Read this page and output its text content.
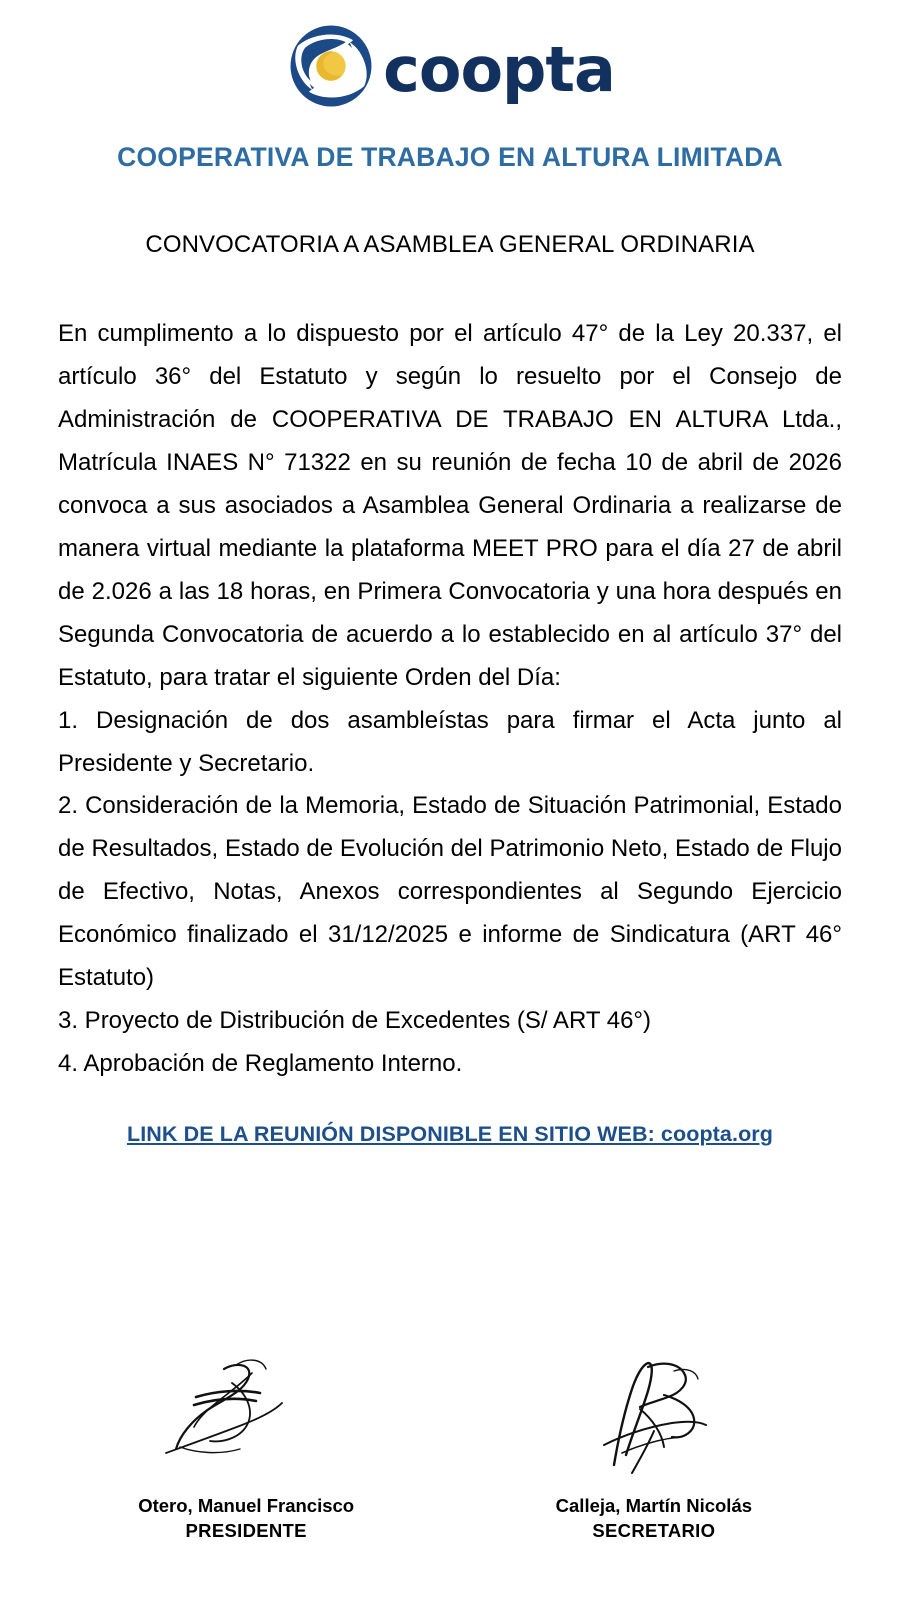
coopta
COOPERATIVA DE TRABAJO EN ALTURA LIMITADA
CONVOCATORIA A ASAMBLEA GENERAL ORDINARIA

En cumplimento a lo dispuesto por el artículo 47° de la Ley 20.337, el artículo 36° del Estatuto y según lo resuelto por el Consejo de Administración de COOPERATIVA DE TRABAJO EN ALTURA Ltda., Matrícula INAES N° 71322 en su reunión de fecha 10 de abril de 2026 convoca a sus asociados a Asamblea General Ordinaria a realizarse de manera virtual mediante la plataforma MEET PRO para el día 27 de abril de 2.026 a las 18 horas, en Primera Convocatoria y una hora después en Segunda Convocatoria de acuerdo a lo establecido en al artículo 37° del Estatuto, para tratar el siguiente Orden del Día:

1. Designación de dos asambleístas para firmar el Acta junto al Presidente y Secretario.

2. Consideración de la Memoria, Estado de Situación Patrimonial, Estado de Resultados, Estado de Evolución del Patrimonio Neto, Estado de Flujo de Efectivo, Notas, Anexos correspondientes al Segundo Ejercicio Económico finalizado el 31/12/2025 e informe de Sindicatura (ART 46° Estatuto)

3. Proyecto de Distribución de Excedentes (S/ ART 46°)

4. Aprobación de Reglamento Interno.

LINK DE LA REUNIÓN DISPONIBLE EN SITIO WEB: coopta.org
Otero, Manuel Francisco
PRESIDENTE
Calleja, Martín Nicolás
SECRETARIO
